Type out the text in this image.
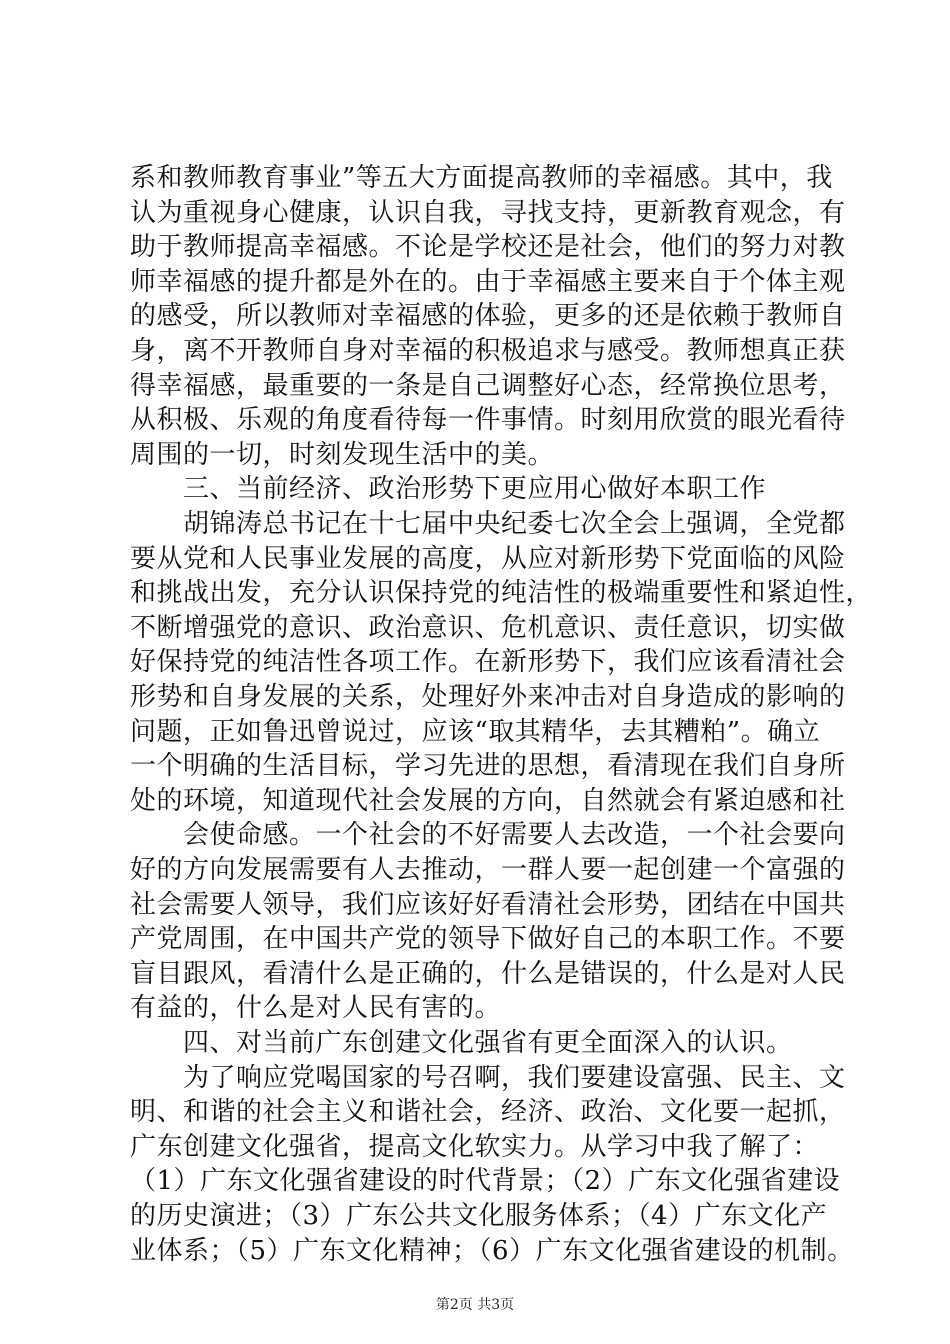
系和教师教育事业”等五大方面提高教师的幸福感。其中，我
认为重视身心健康，认识自我，寻找支持，更新教育观念，有
助于教师提高幸福感。不论是学校还是社会，他们的努力对教
师幸福感的提升都是外在的。由于幸福感主要来自于个体主观
的感受，所以教师对幸福感的体验，更多的还是依赖于教师自
身，离不开教师自身对幸福的积极追求与感受。教师想真正获
得幸福感，最重要的一条是自己调整好心态，经常换位思考，
从积极、乐观的角度看待每一件事情。时刻用欣赏的眼光看待
周围的一切，时刻发现生活中的美。
　　三、当前经济、政治形势下更应用心做好本职工作
　　胡锦涛总书记在十七届中央纪委七次全会上强调，全党都
要从党和人民事业发展的高度，从应对新形势下党面临的风险
和挑战出发，充分认识保持党的纯洁性的极端重要性和紧迫性，
不断增强党的意识、政治意识、危机意识、责任意识，切实做
好保持党的纯洁性各项工作。在新形势下，我们应该看清社会
形势和自身发展的关系，处理好外来冲击对自身造成的影响的
问题，正如鲁迅曾说过，应该“取其精华，去其糟粕”。确立
一个明确的生活目标，学习先进的思想，看清现在我们自身所
处的环境，知道现代社会发展的方向，自然就会有紧迫感和社
　　会使命感。一个社会的不好需要人去改造，一个社会要向
好的方向发展需要有人去推动，一群人要一起创建一个富强的
社会需要人领导，我们应该好好看清社会形势，团结在中国共
产党周围，在中国共产党的领导下做好自己的本职工作。不要
盲目跟风，看清什么是正确的，什么是错误的，什么是对人民
有益的，什么是对人民有害的。
　　四、对当前广东创建文化强省有更全面深入的认识。
　　为了响应党喝国家的号召啊，我们要建设富强、民主、文
明、和谐的社会主义和谐社会，经济、政治、文化要一起抓，
广东创建文化强省，提高文化软实力。从学习中我了解了：
（1）广东文化强省建设的时代背景；（2）广东文化强省建设
的历史演进；（3）广东公共文化服务体系；（4）广东文化产
业体系；（5）广东文化精神；（6）广东文化强省建设的机制。
第2页 共3页
